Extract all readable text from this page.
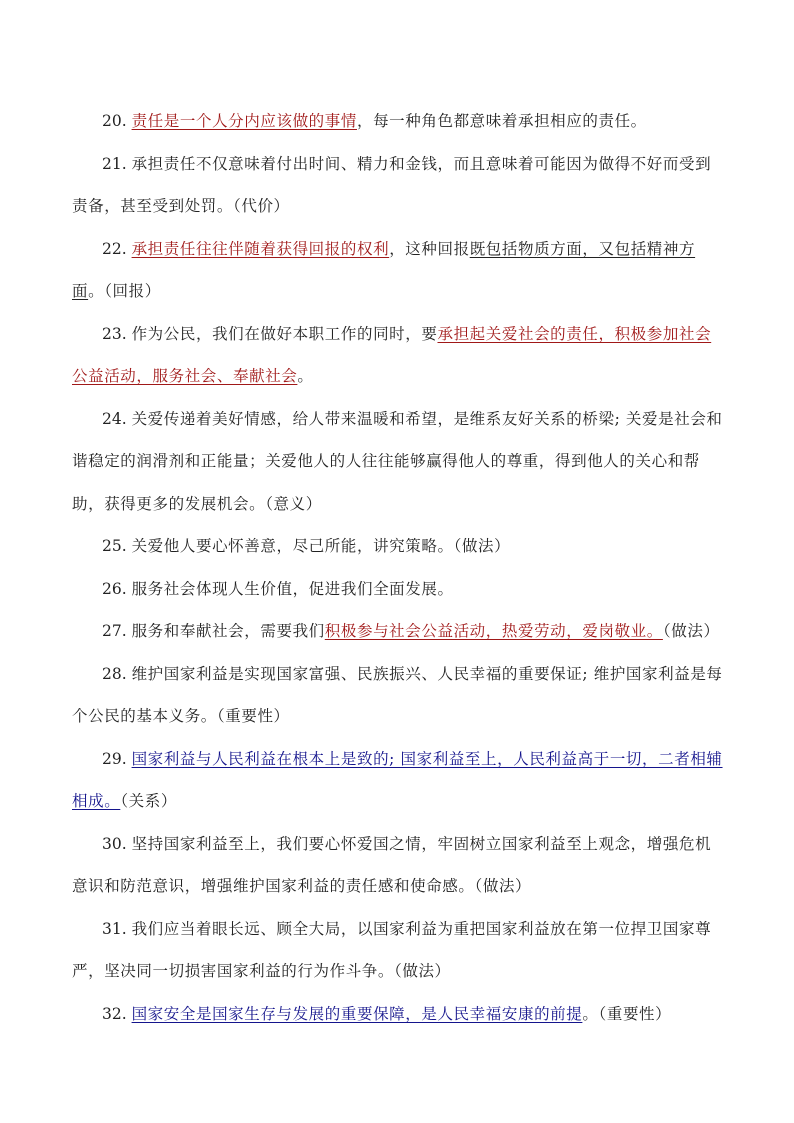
20. 责任是一个人分内应该做的事情，每一种角色都意味着承担相应的责任。

21. 承担责任不仅意味着付出时间、精力和金钱，而且意味着可能因为做得不好而受到责备，甚至受到处罚。（代价）

22. 承担责任往往伴随着获得回报的权利，这种回报既包括物质方面，又包括精神方面。（回报）

23. 作为公民，我们在做好本职工作的同时，要承担起关爱社会的责任，积极参加社会公益活动，服务社会、奉献社会。

24. 关爱传递着美好情感，给人带来温暖和希望，是维系友好关系的桥梁; 关爱是社会和谐稳定的润滑剂和正能量；关爱他人的人往往能够赢得他人的尊重，得到他人的关心和帮助，获得更多的发展机会。（意义）

25. 关爱他人要心怀善意，尽己所能，讲究策略。（做法）

26. 服务社会体现人生价值，促进我们全面发展。

27. 服务和奉献社会，需要我们积极参与社会公益活动，热爱劳动，爱岗敬业。（做法）

28. 维护国家利益是实现国家富强、民族振兴、人民幸福的重要保证; 维护国家利益是每个公民的基本义务。（重要性）

29. 国家利益与人民利益在根本上是致的; 国家利益至上，人民利益高于一切，二者相辅相成。（关系）

30. 坚持国家利益至上，我们要心怀爱国之情，牢固树立国家利益至上观念，增强危机意识和防范意识，增强维护国家利益的责任感和使命感。（做法）

31. 我们应当着眼长远、顾全大局，以国家利益为重把国家利益放在第一位捍卫国家尊严，坚决同一切损害国家利益的行为作斗争。（做法）

32. 国家安全是国家生存与发展的重要保障，是人民幸福安康的前提。（重要性）
